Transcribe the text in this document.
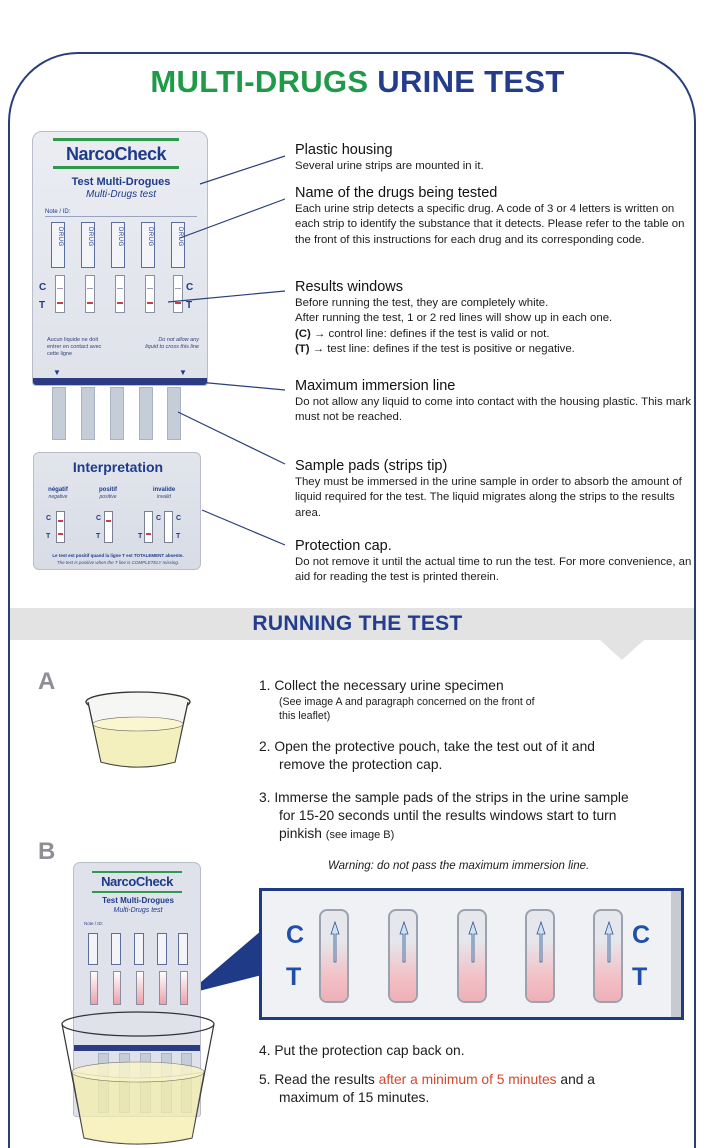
MULTI-DRUGS URINE TEST
NarcoCheck
Test Multi-Drogues
Multi-Drugs test
Note / ID:
DRUG	DRUG	DRUG	DRUG	DRUG
C
T
C
T
Aucun liquide ne doit entrer en contact avec cette ligne
Do not allow any liquid to cross this line
▼	▼
Interpretation
négatif
negative
positif
positive
invalide
invalid
C
T
C
T	T
C C
T
Le test est positif quand la ligne T est TOTALEMENT absente.
The test is positive when the T line is COMPLETELY missing.
Plastic housing

Several urine strips are mounted in it.

Name of the drugs being tested

Each urine strip detects a specific drug. A code of 3 or 4 letters is written on each strip to identify the substance that it detects. Please refer to the table on the front of this instructions for each drug and its corresponding code.

Results windows

Before running the test, they are completely white.

After running the test, 1 or 2 red lines will show up in each one.

(C) → control line: defines if the test is valid or not.

(T) → test line: defines if the test is positive or negative.

Maximum immersion line

Do not allow any liquid to come into contact with the housing plastic. This mark must not be reached.

Sample pads (strips tip)

They must be immersed in the urine sample in order to absorb the amount of liquid required for the test. The liquid migrates along the strips to the results area.

Protection cap.

Do not remove it until the actual time to run the test. For more convenience, an aid for reading the test is printed therein.

RUNNING THE TEST
A
B
1. Collect the necessary urine specimen
(See image A and paragraph concerned on the front of this leaflet)
2. Open the protective pouch, take the test out of it and
remove the protection cap.
3. Immerse the sample pads of the strips in the urine sample
for 15-20 seconds until the results windows start to turn
pinkish (see image B)
Warning: do not pass the maximum immersion line.
C
T
C
T
NarcoCheck
Test Multi-Drogues
Multi-Drugs test
Note / ID:
4. Put the protection cap back on.
5. Read the results after a minimum of 5 minutes and a
maximum of 15 minutes.
